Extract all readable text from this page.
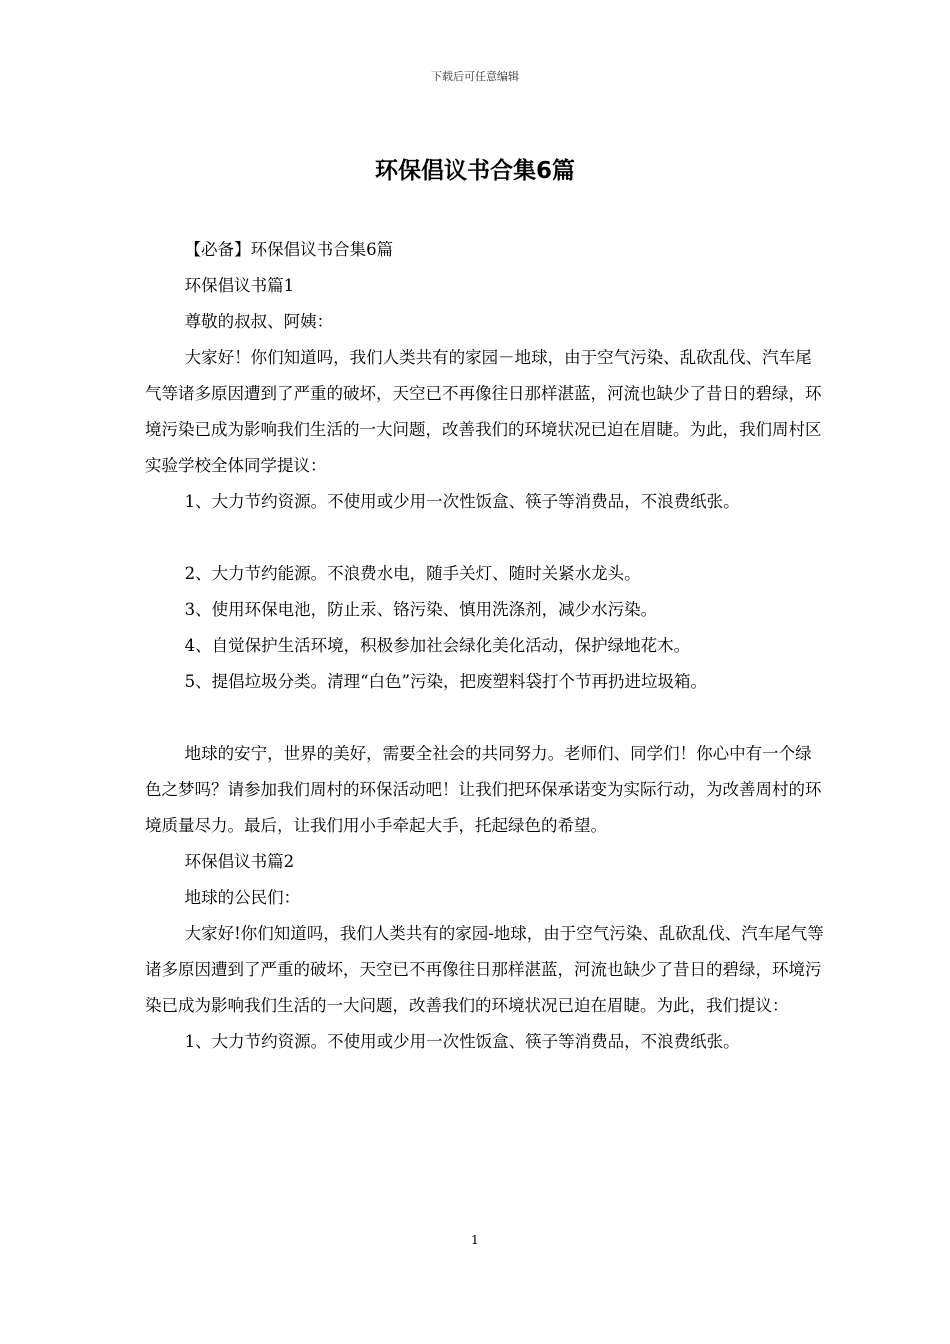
下载后可任意编辑
环保倡议书合集6篇

【必备】环保倡议书合集6篇

环保倡议书篇1

尊敬的叔叔、阿姨：

大家好！你们知道吗，我们人类共有的家园－地球，由于空气污染、乱砍乱伐、汽车尾气等诸多原因遭到了严重的破坏，天空已不再像往日那样湛蓝，河流也缺少了昔日的碧绿，环境污染已成为影响我们生活的一大问题，改善我们的环境状况已迫在眉睫。为此，我们周村区实验学校全体同学提议：

1、大力节约资源。不使用或少用一次性饭盒、筷子等消费品，不浪费纸张。

2、大力节约能源。不浪费水电，随手关灯、随时关紧水龙头。

3、使用环保电池，防止汞、铬污染、慎用洗涤剂，减少水污染。

4、自觉保护生活环境，积极参加社会绿化美化活动，保护绿地花木。

5、提倡垃圾分类。清理“白色”污染，把废塑料袋打个节再扔进垃圾箱。

地球的安宁，世界的美好，需要全社会的共同努力。老师们、同学们！你心中有一个绿色之梦吗？请参加我们周村的环保活动吧！让我们把环保承诺变为实际行动，为改善周村的环境质量尽力。最后，让我们用小手牵起大手，托起绿色的希望。

环保倡议书篇2

地球的公民们：

大家好!你们知道吗，我们人类共有的家园-地球，由于空气污染、乱砍乱伐、汽车尾气等诸多原因遭到了严重的破坏，天空已不再像往日那样湛蓝，河流也缺少了昔日的碧绿，环境污染已成为影响我们生活的一大问题，改善我们的环境状况已迫在眉睫。为此，我们提议：

1、大力节约资源。不使用或少用一次性饭盒、筷子等消费品，不浪费纸张。

1
